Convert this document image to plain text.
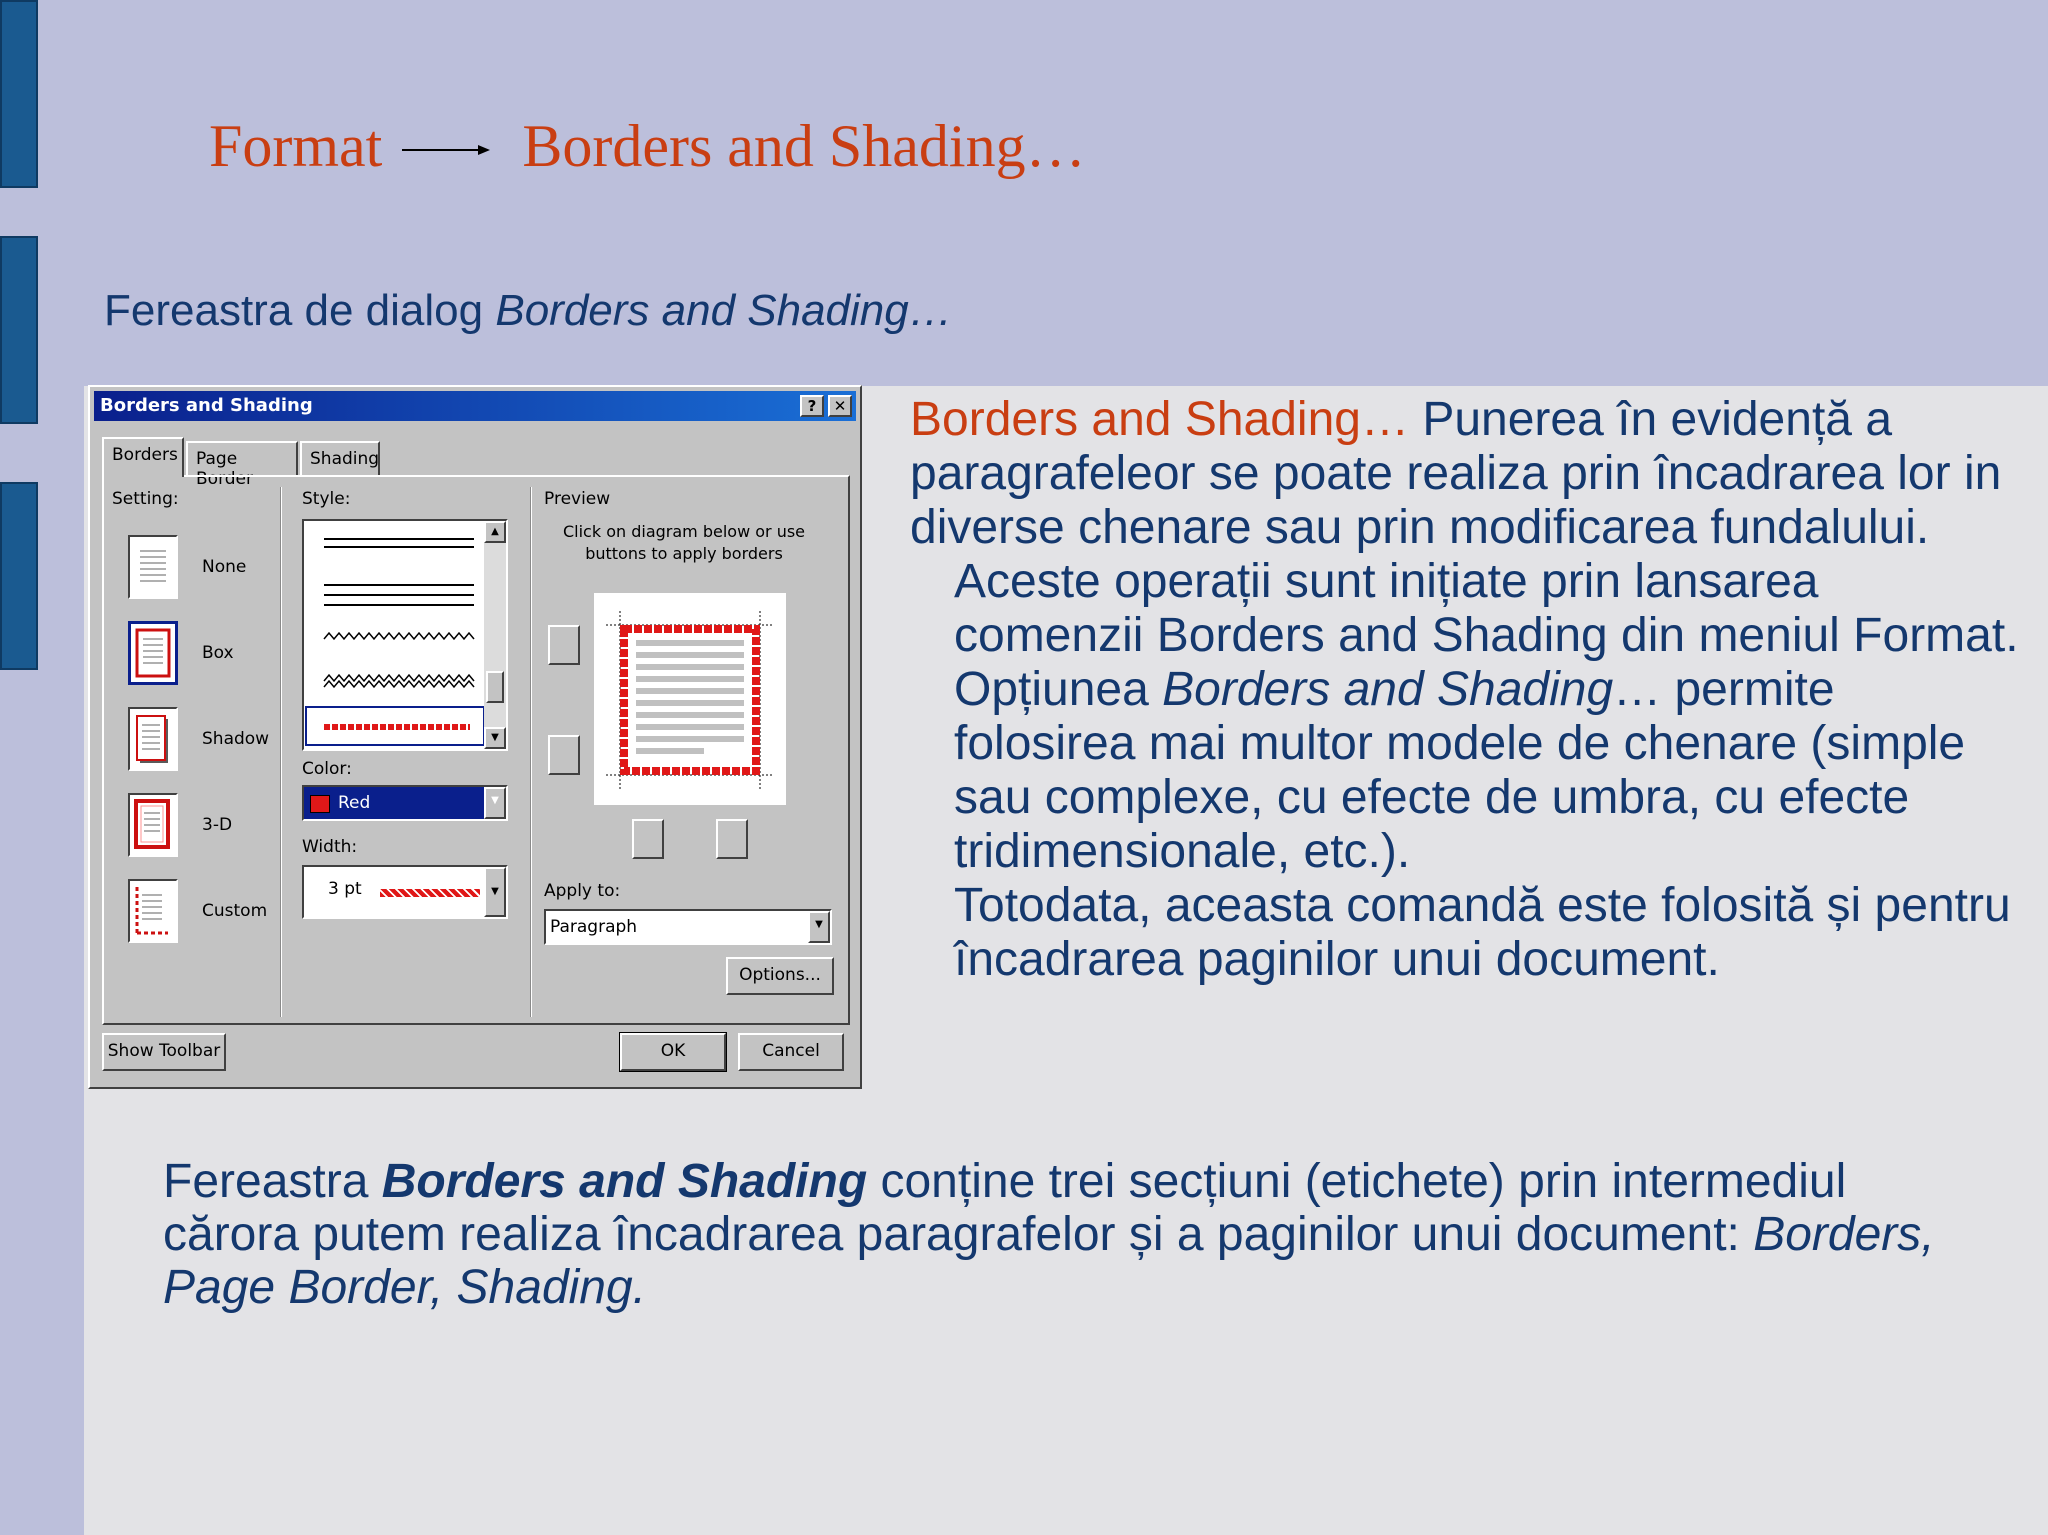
Format Borders and Shading…
Fereastra de dialog Borders and Shading…
Borders and Shading	?	✕
Borders	Page Border
Shading
Setting:
None
Box
Shadow
3-D
Custom
Style:
▲
▼
Color:
Red	▼
Width:
3 pt	▼
Preview
Click on diagram below or use buttons to apply borders
Apply to:
Paragraph	▼
Options...
Show Toolbar	OK	Cancel

Borders and Shading… Punerea în evidență a paragrafeleor se poate realiza prin încadrarea lor in diverse chenare sau prin modificarea fundalului.

Aceste operații sunt inițiate prin lansarea comenzii Borders and Shading din meniul Format.

Opțiunea Borders and Shading… permite folosirea mai multor modele de chenare (simple sau complexe, cu efecte de umbra, cu efecte tridimensionale, etc.).

Totodata, aceasta comandă este folosită și pentru încadrarea paginilor unui document.

Fereastra Borders and Shading conține trei secțiuni (etichete) prin intermediul cărora putem realiza încadrarea paragrafelor și a paginilor unui document: Borders, Page Border, Shading.
